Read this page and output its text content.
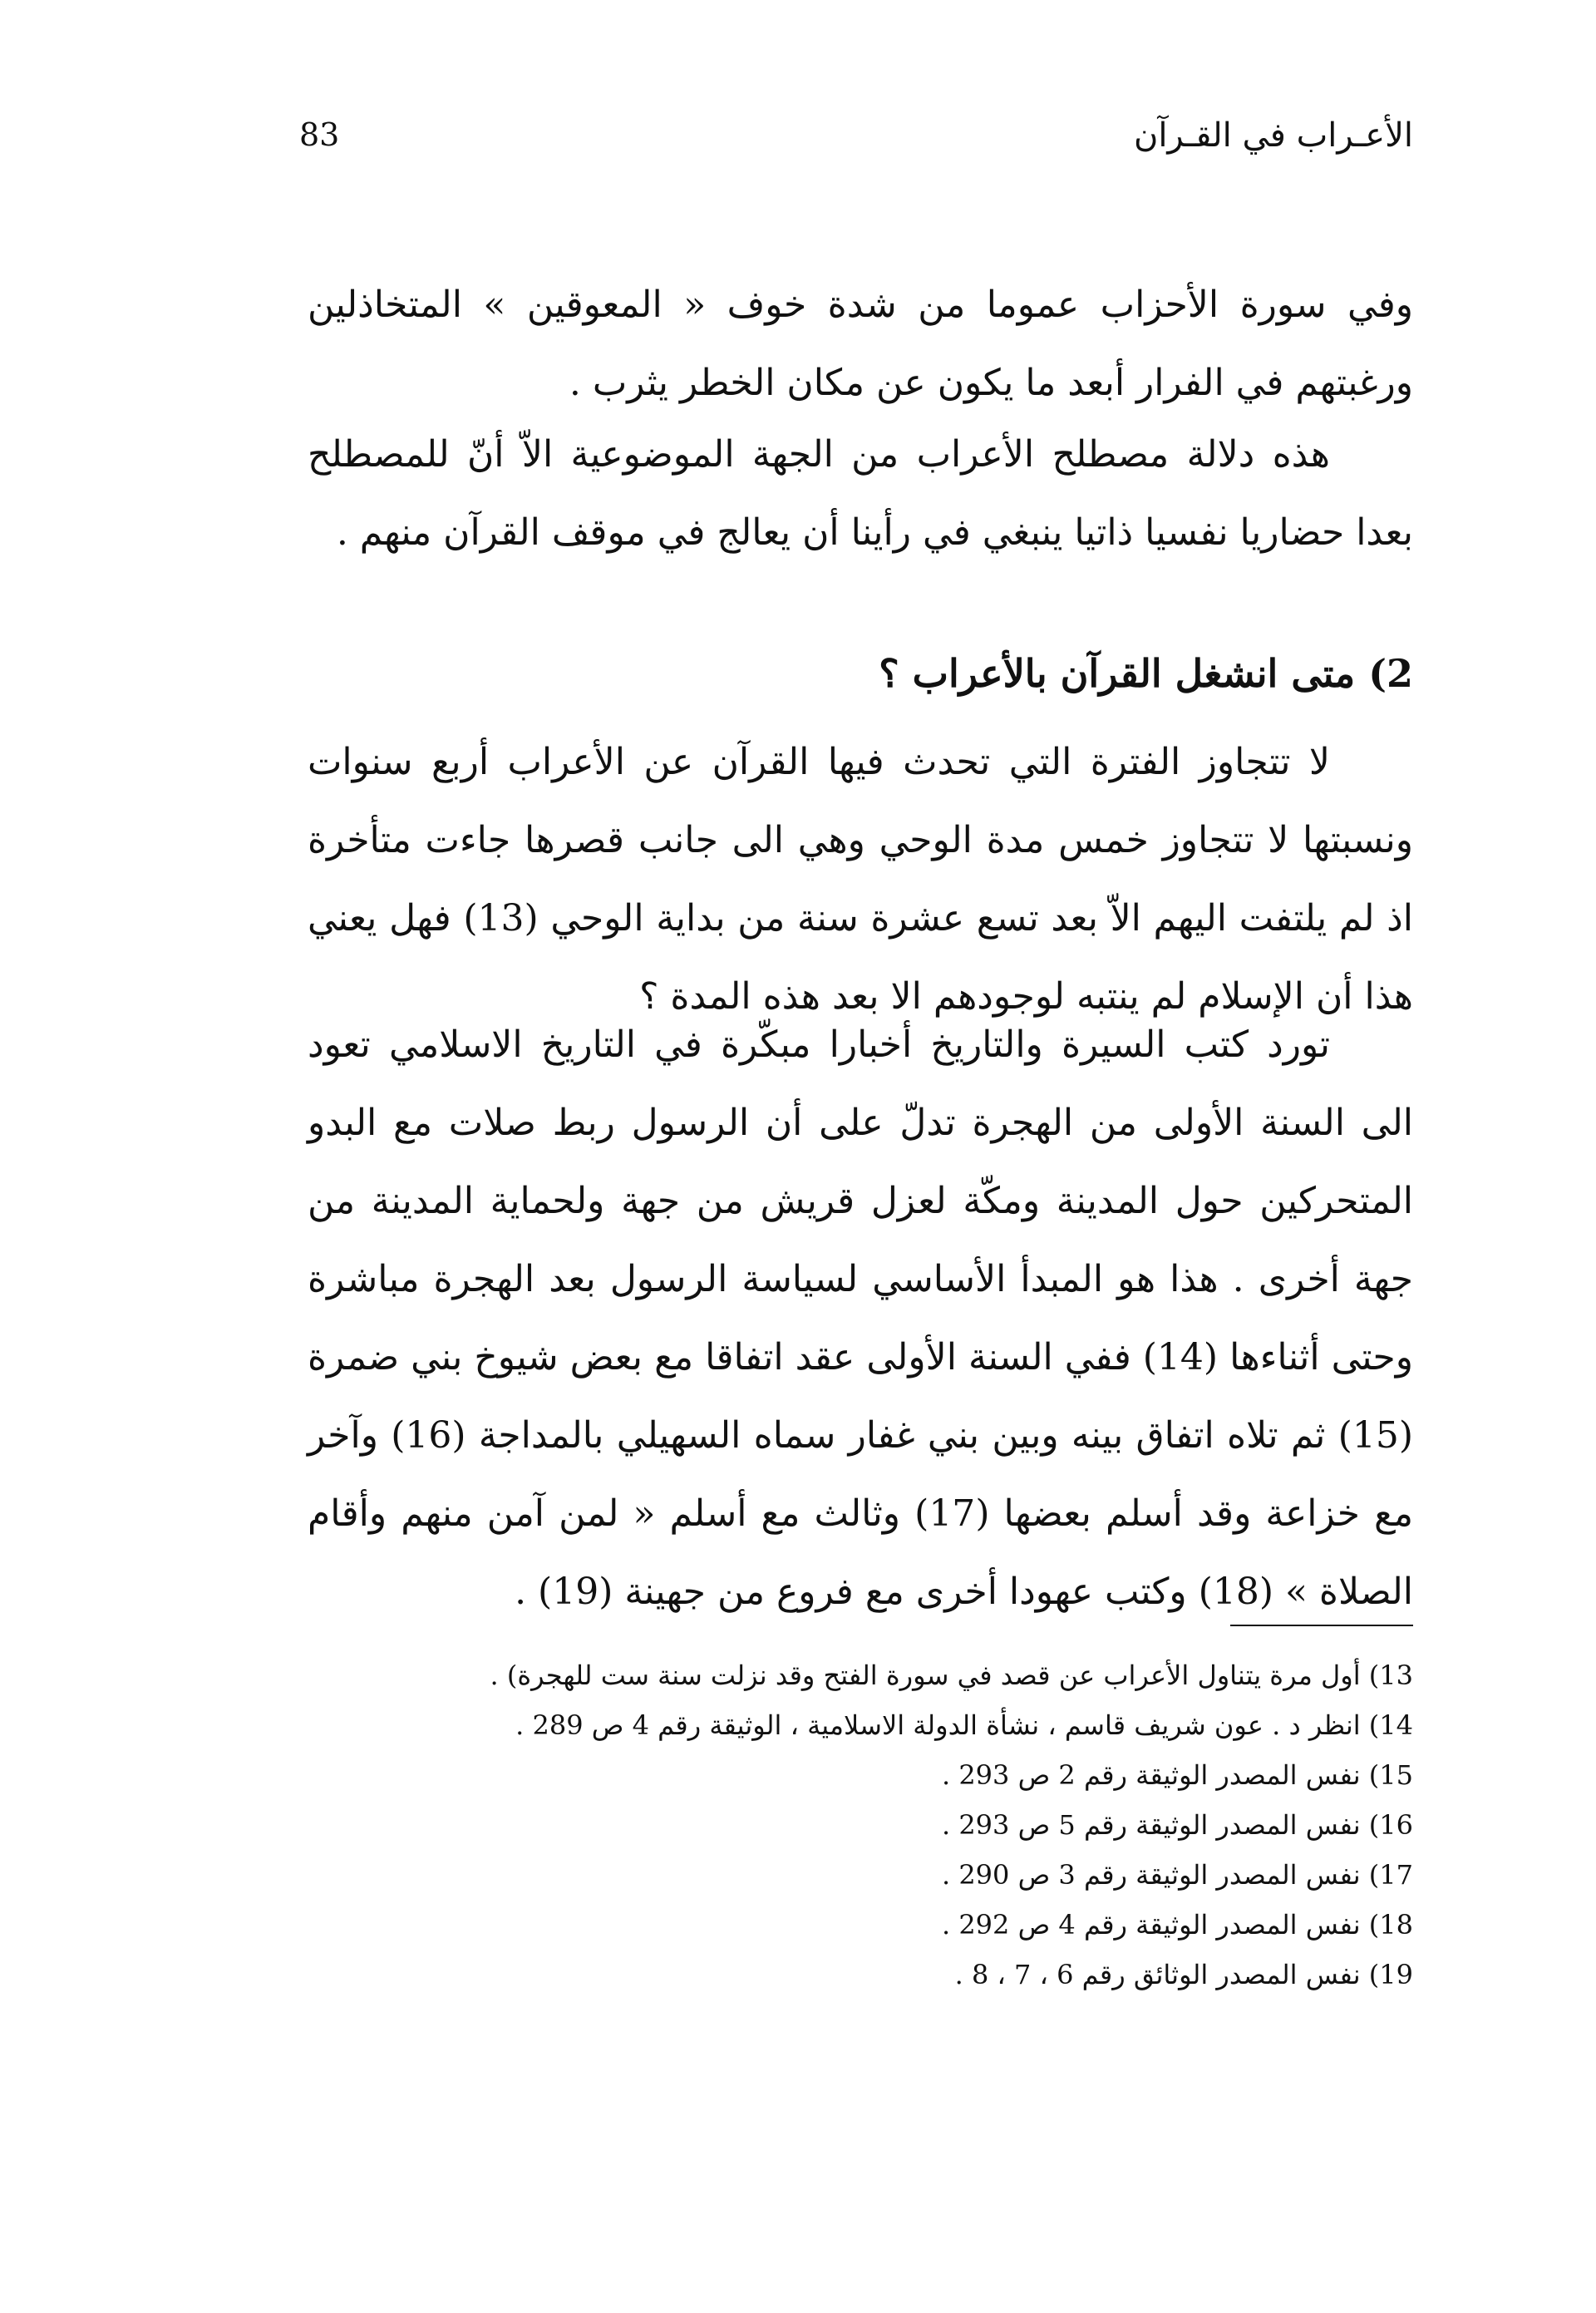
83	الأعـراب في القـرآن

وفي سورة الأحزاب عموما من شدة خوف « المعوقين » المتخاذلين ورغبتهم في الفرار أبعد ما يكون عن مكان الخطر يثرب .

هذه دلالة مصطلح الأعراب من الجهة الموضوعية الاّ أنّ للمصطلح بعدا حضاريا نفسيا ذاتيا ينبغي في رأينا أن يعالج في موقف القرآن منهم .

2) متى انشغل القرآن بالأعراب ؟

لا تتجاوز الفترة التي تحدث فيها القرآن عن الأعراب أربع سنوات ونسبتها لا تتجاوز خمس مدة الوحي وهي الى جانب قصرها جاءت متأخرة اذ لم يلتفت اليهم الاّ بعد تسع عشرة سنة من بداية الوحي (13) فهل يعني هذا أن الإسلام لم ينتبه لوجودهم الا بعد هذه المدة ؟

تورد كتب السيرة والتاريخ أخبارا مبكّرة في التاريخ الاسلامي تعود الى السنة الأولى من الهجرة تدلّ على أن الرسول ربط صلات مع البدو المتحركين حول المدينة ومكّة لعزل قريش من جهة ولحماية المدينة من جهة أخرى . هذا هو المبدأ الأساسي لسياسة الرسول بعد الهجرة مباشرة وحتى أثناءها (14) ففي السنة الأولى عقد اتفاقا مع بعض شيوخ بني ضمرة (15) ثم تلاه اتفاق بينه وبين بني غفار سماه السهيلي بالمداجة (16) وآخر مع خزاعة وقد أسلم بعضها (17) وثالث مع أسلم « لمن آمن منهم وأقام الصلاة » (18) وكتب عهودا أخرى مع فروع من جهينة (19) .

13) أول مرة يتناول الأعراب عن قصد في سورة الفتح وقد نزلت سنة ست للهجرة) .

14) انظر د . عون شريف قاسم ، نشأة الدولة الاسلامية ، الوثيقة رقم 4 ص 289 .

15) نفس المصدر الوثيقة رقم 2 ص 293 .

16) نفس المصدر الوثيقة رقم 5 ص 293 .

17) نفس المصدر الوثيقة رقم 3 ص 290 .

18) نفس المصدر الوثيقة رقم 4 ص 292 .

19) نفس المصدر الوثائق رقم 6 ، 7 ، 8 .
